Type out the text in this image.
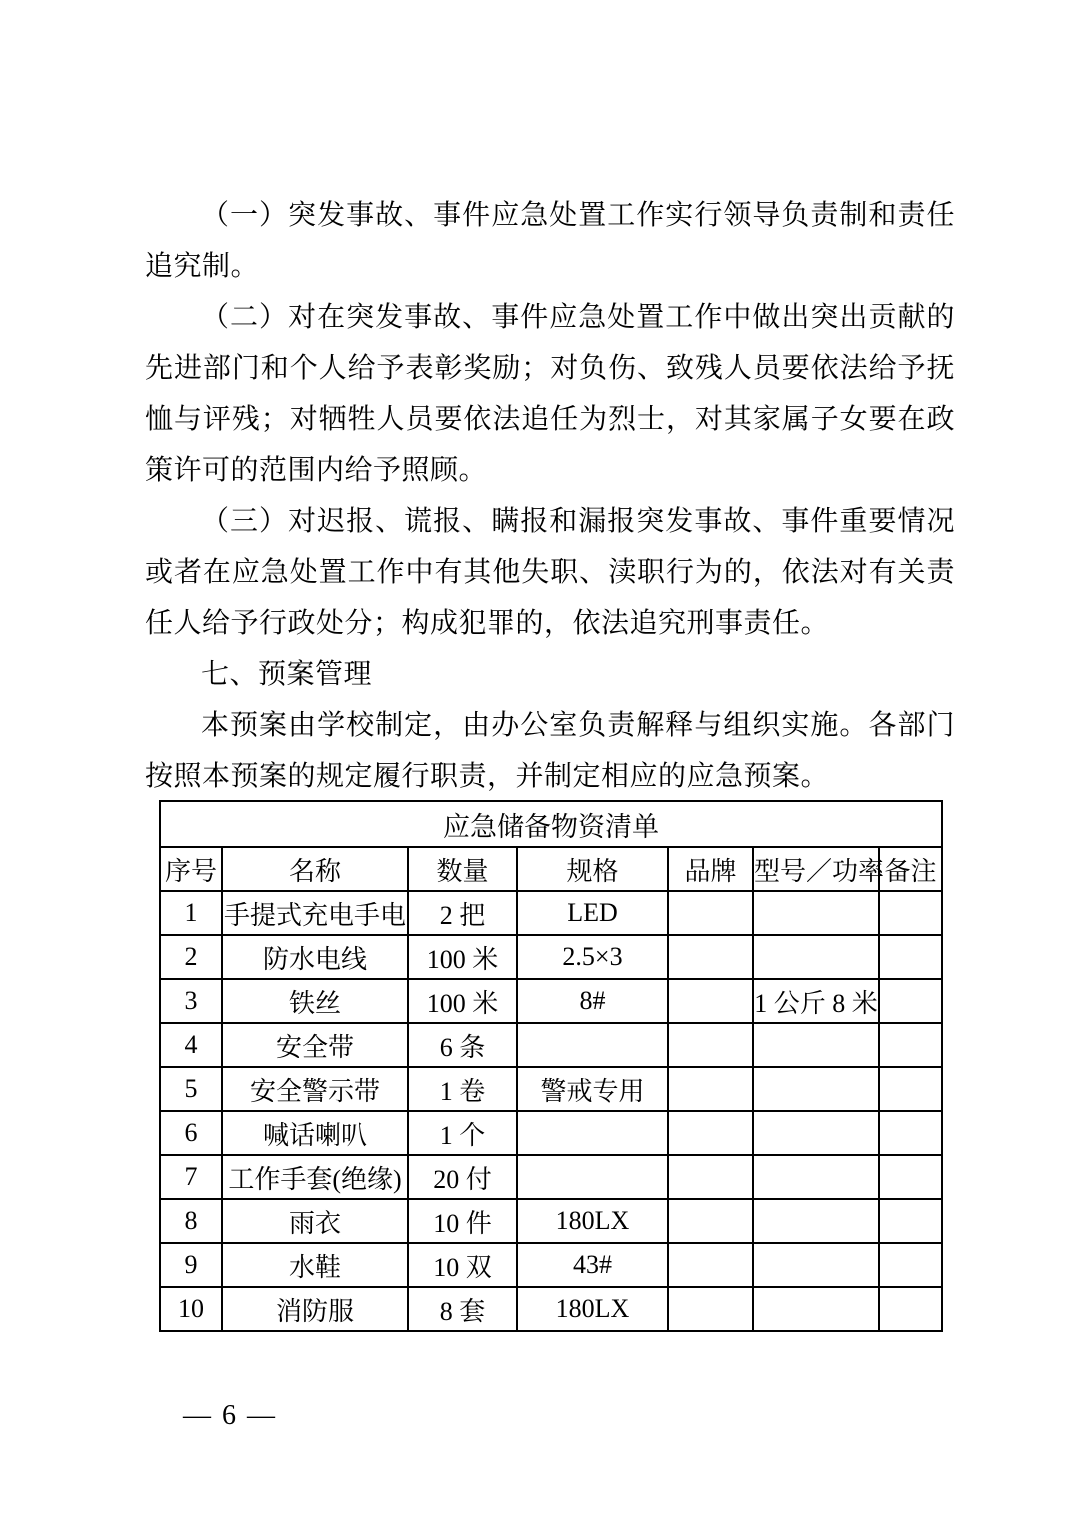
（一）突发事故、事件应急处置工作实行领导负责制和责任
追究制。
（二）对在突发事故、事件应急处置工作中做出突出贡献的
先进部门和个人给予表彰奖励；对负伤、致残人员要依法给予抚
恤与评残；对牺牲人员要依法追任为烈士，对其家属子女要在政
策许可的范围内给予照顾。
（三）对迟报、谎报、瞒报和漏报突发事故、事件重要情况
或者在应急处置工作中有其他失职、渎职行为的，依法对有关责
任人给予行政处分；构成犯罪的，依法追究刑事责任。
七、预案管理
本预案由学校制定，由办公室负责解释与组织实施。各部门
按照本预案的规定履行职责，并制定相应的应急预案。
应急储备物资清单						
序号	名称	数量	规格	品牌	型号／功率	备注
1	手提式充电手电	2 把	LED			
2	防水电线	100 米	2.5×3			
3	铁丝	100 米	8#		1 公斤 8 米	
4	安全带	6 条				
5	安全警示带	1 卷	警戒专用			
6	喊话喇叭	1 个				
7	工作手套(绝缘)	20 付				
8	雨衣	10 件	180LX			
9	水鞋	10 双	43#			
10	消防服	8 套	180LX			
— 6 —
